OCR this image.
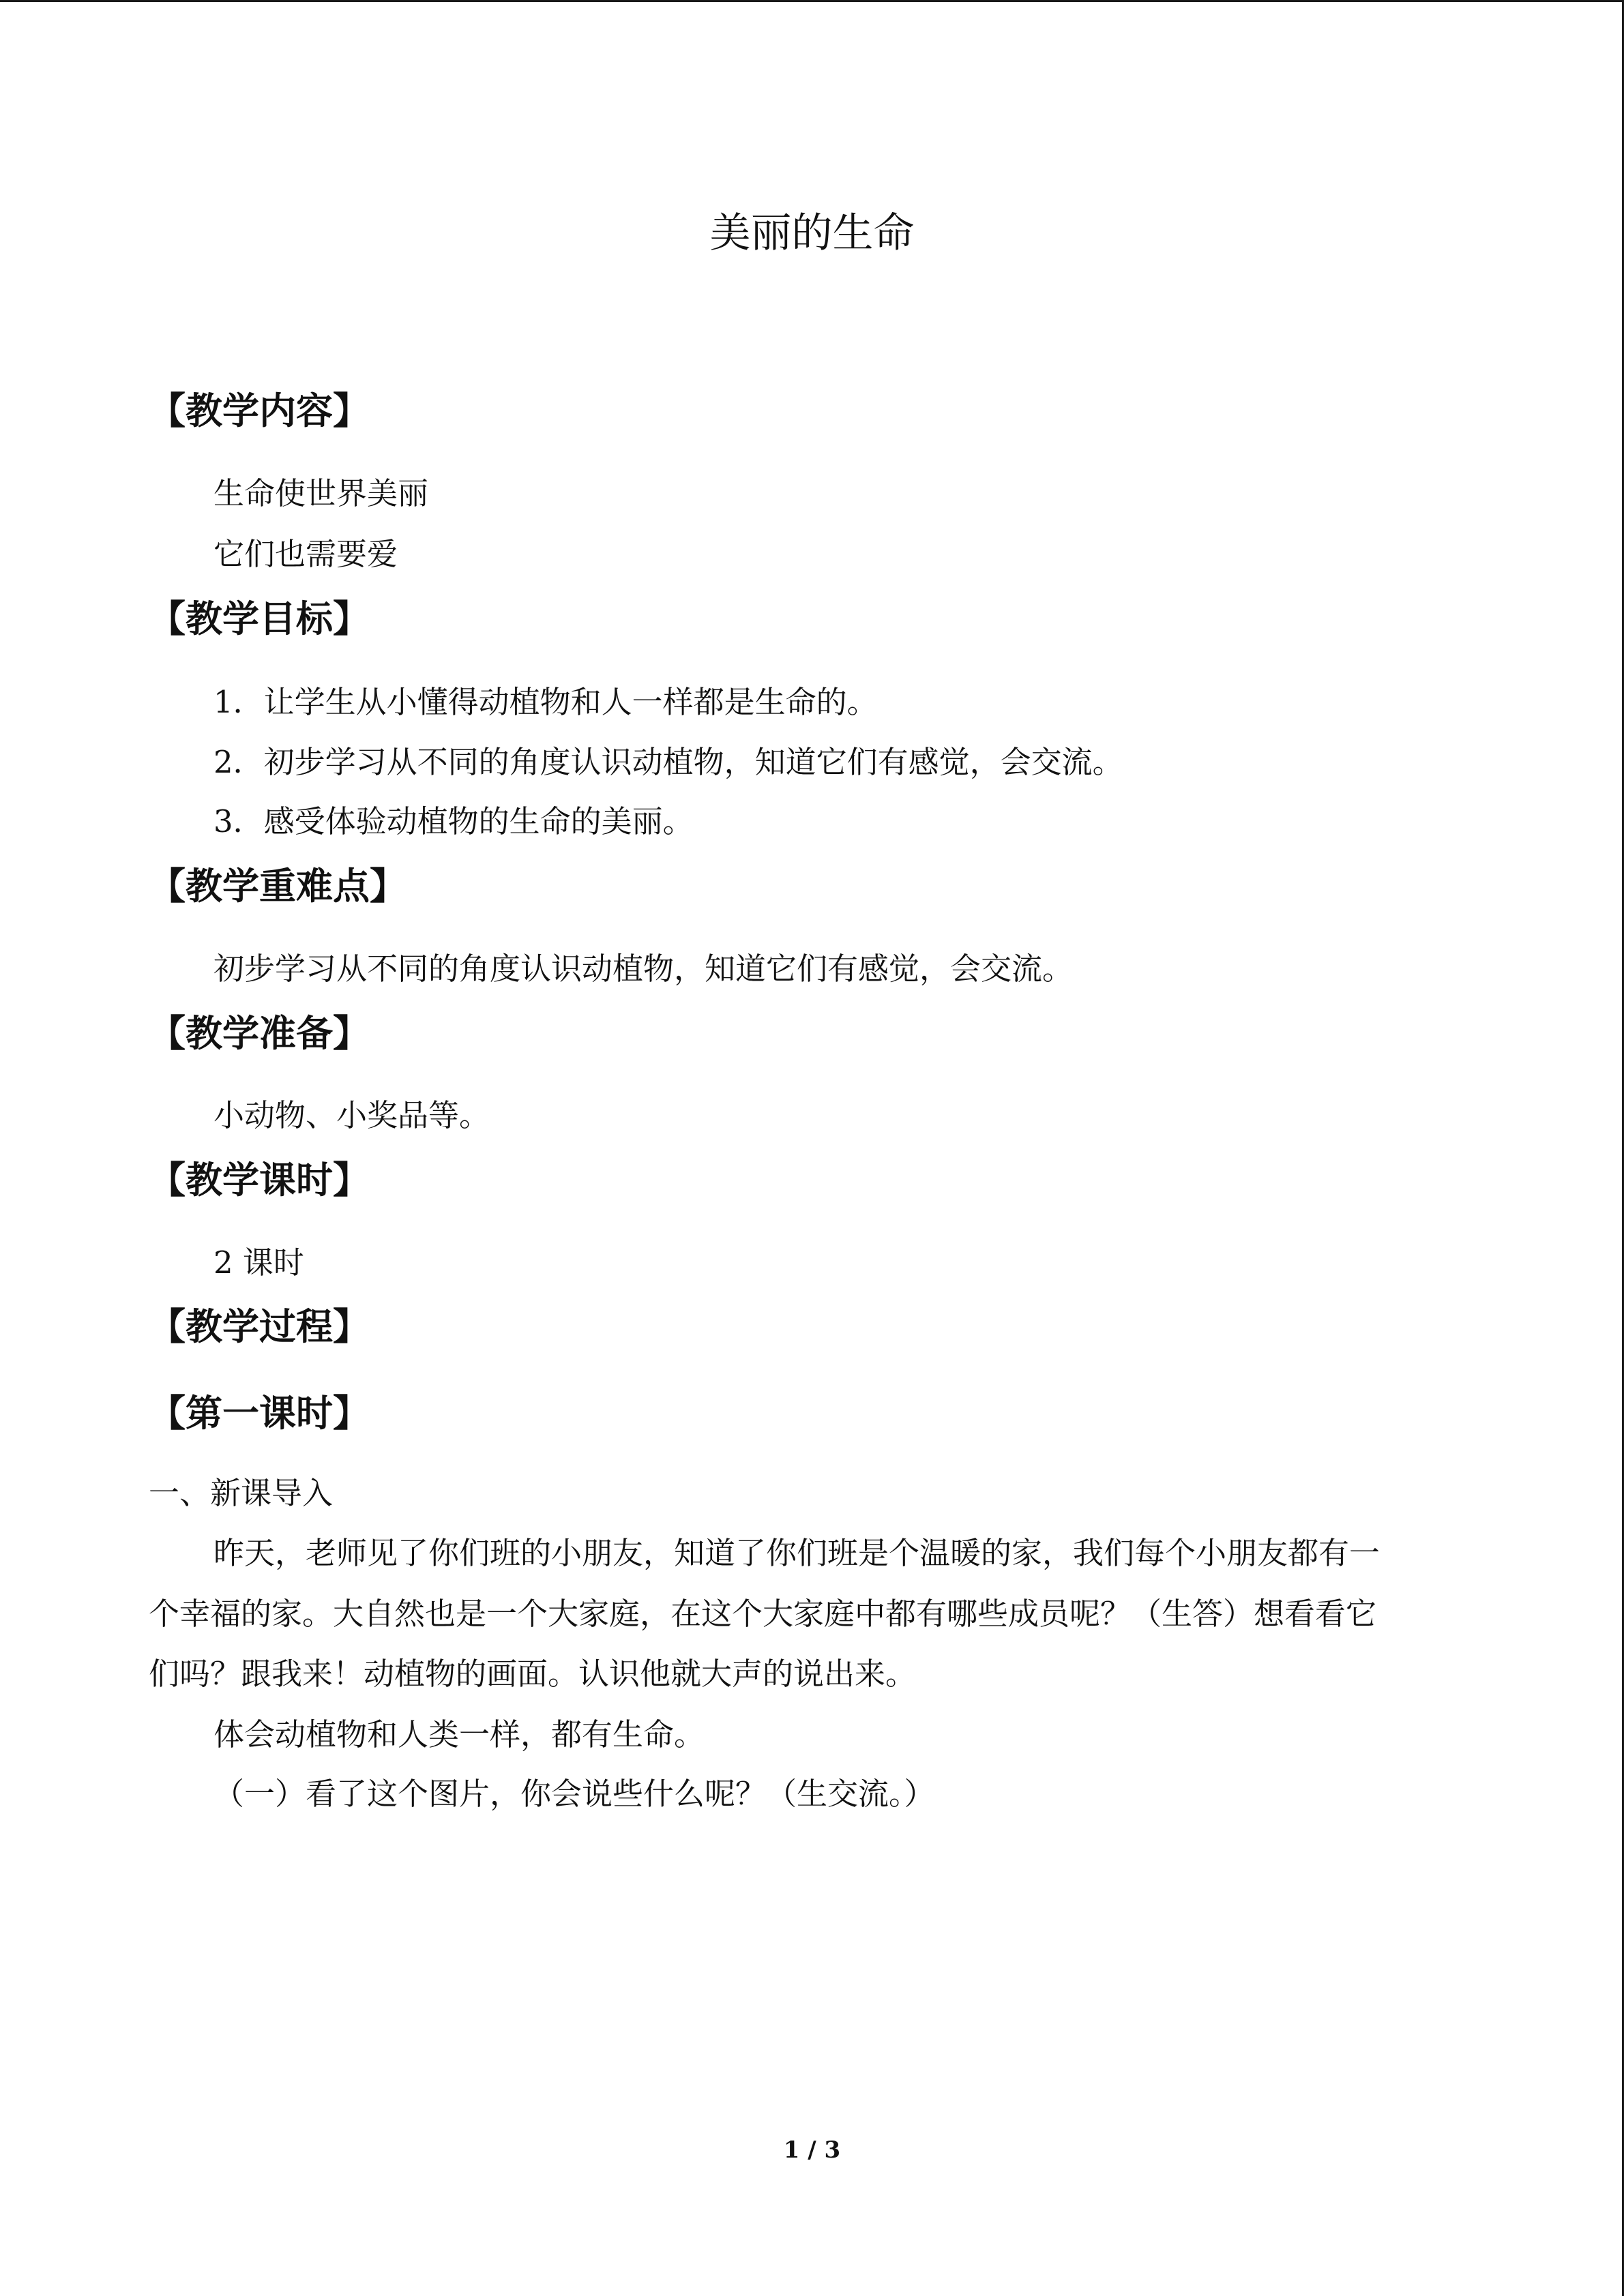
美丽的生命
【教学内容】
生命使世界美丽
它们也需要爱
【教学目标】
1．让学生从小懂得动植物和人一样都是生命的。
2．初步学习从不同的角度认识动植物，知道它们有感觉，会交流。
3．感受体验动植物的生命的美丽。
【教学重难点】
初步学习从不同的角度认识动植物，知道它们有感觉，会交流。
【教学准备】
小动物、小奖品等。
【教学课时】
2 课时
【教学过程】
【第一课时】
一、新课导入
昨天，老师见了你们班的小朋友，知道了你们班是个温暖的家，我们每个小朋友都有一
个幸福的家。大自然也是一个大家庭，在这个大家庭中都有哪些成员呢？（生答）想看看它
们吗？跟我来！动植物的画面。认识他就大声的说出来。
体会动植物和人类一样，都有生命。
（一）看了这个图片，你会说些什么呢？（生交流。）
1 / 3
